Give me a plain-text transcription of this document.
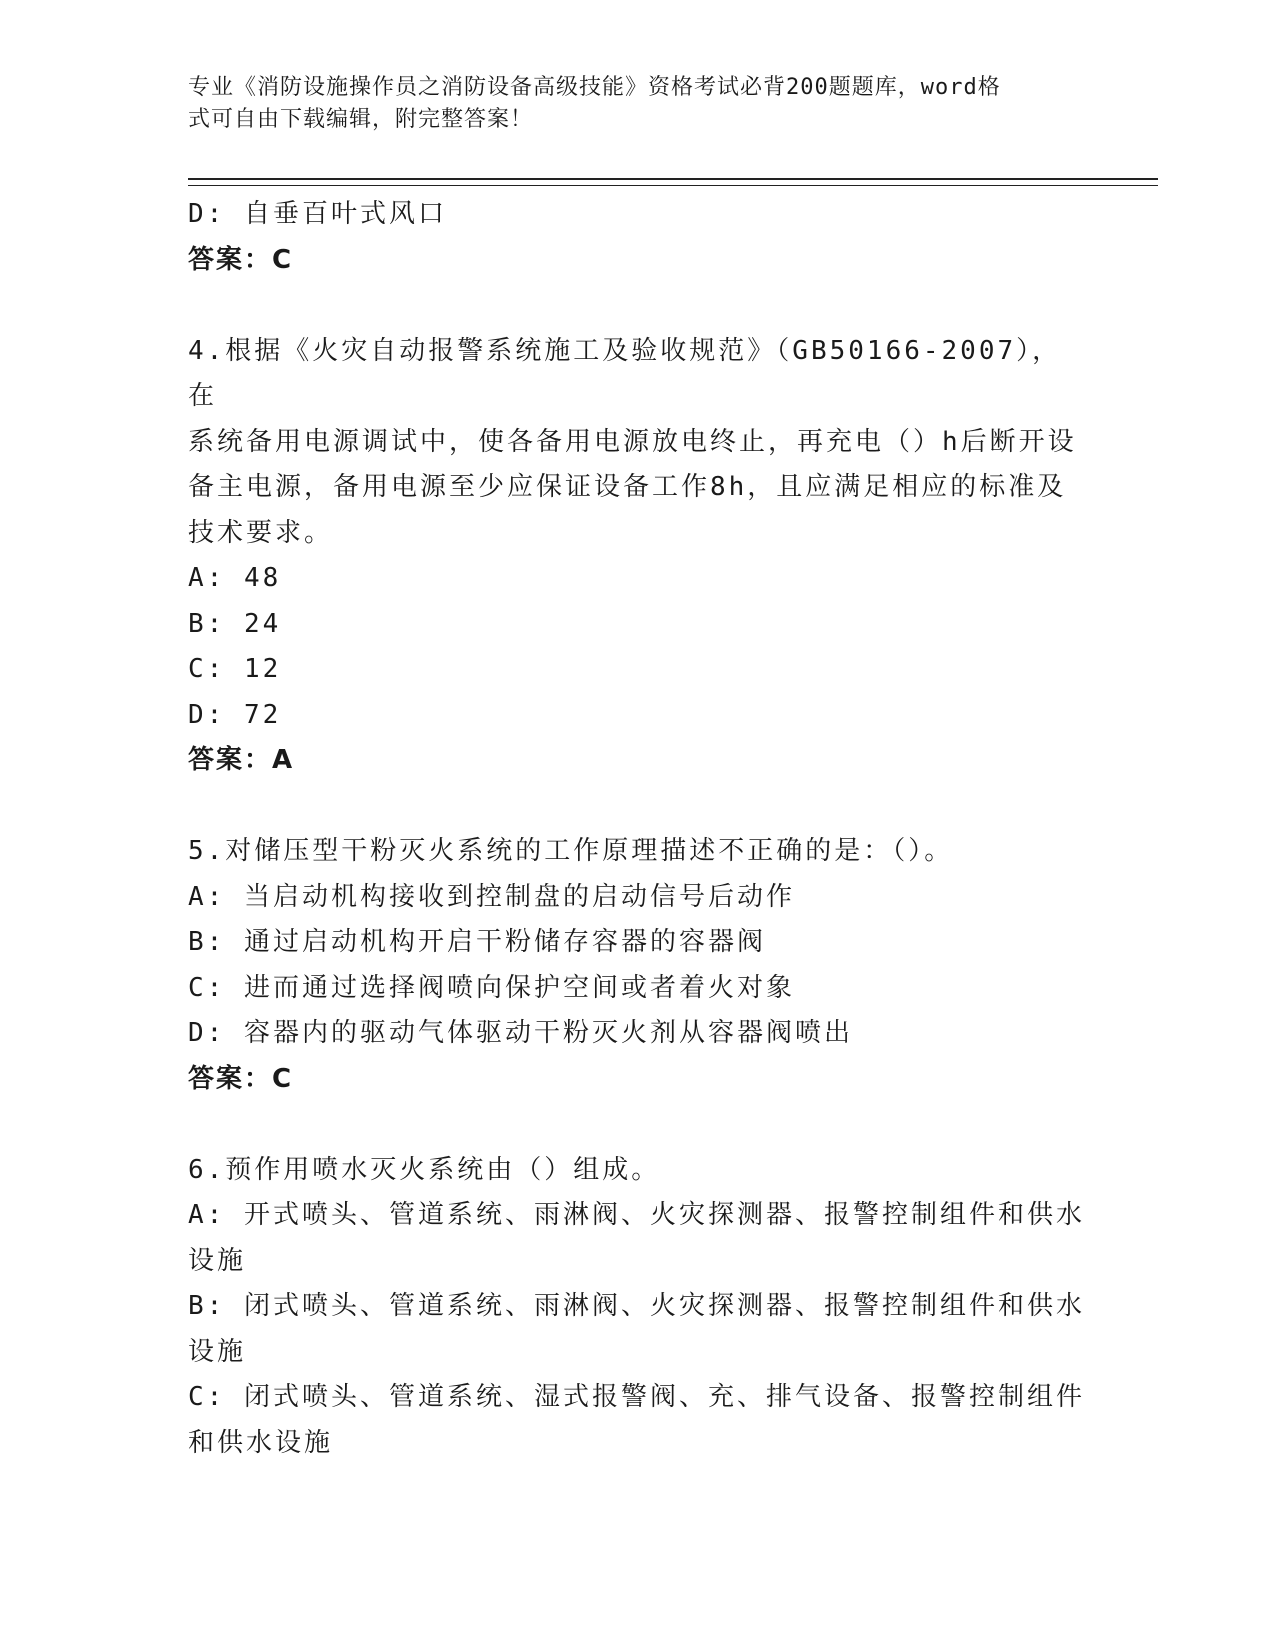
专业《消防设施操作员之消防设备高级技能》资格考试必背200题题库，word格
式可自由下载编辑，附完整答案！
D: 自垂百叶式风口
答案：C
4.根据《火灾自动报警系统施工及验收规范》（GB50166-2007），在
系统备用电源调试中，使各备用电源放电终止，再充电（）h后断开设
备主电源，备用电源至少应保证设备工作8h，且应满足相应的标准及
技术要求。
A: 48
B: 24
C: 12
D: 72
答案：A
5.对储压型干粉灭火系统的工作原理描述不正确的是：（）。
A: 当启动机构接收到控制盘的启动信号后动作
B: 通过启动机构开启干粉储存容器的容器阀
C: 进而通过选择阀喷向保护空间或者着火对象
D: 容器内的驱动气体驱动干粉灭火剂从容器阀喷出
答案：C
6.预作用喷水灭火系统由（）组成。
A: 开式喷头、管道系统、雨淋阀、火灾探测器、报警控制组件和供水
设施
B: 闭式喷头、管道系统、雨淋阀、火灾探测器、报警控制组件和供水
设施
C: 闭式喷头、管道系统、湿式报警阀、充、排气设备、报警控制组件
和供水设施
